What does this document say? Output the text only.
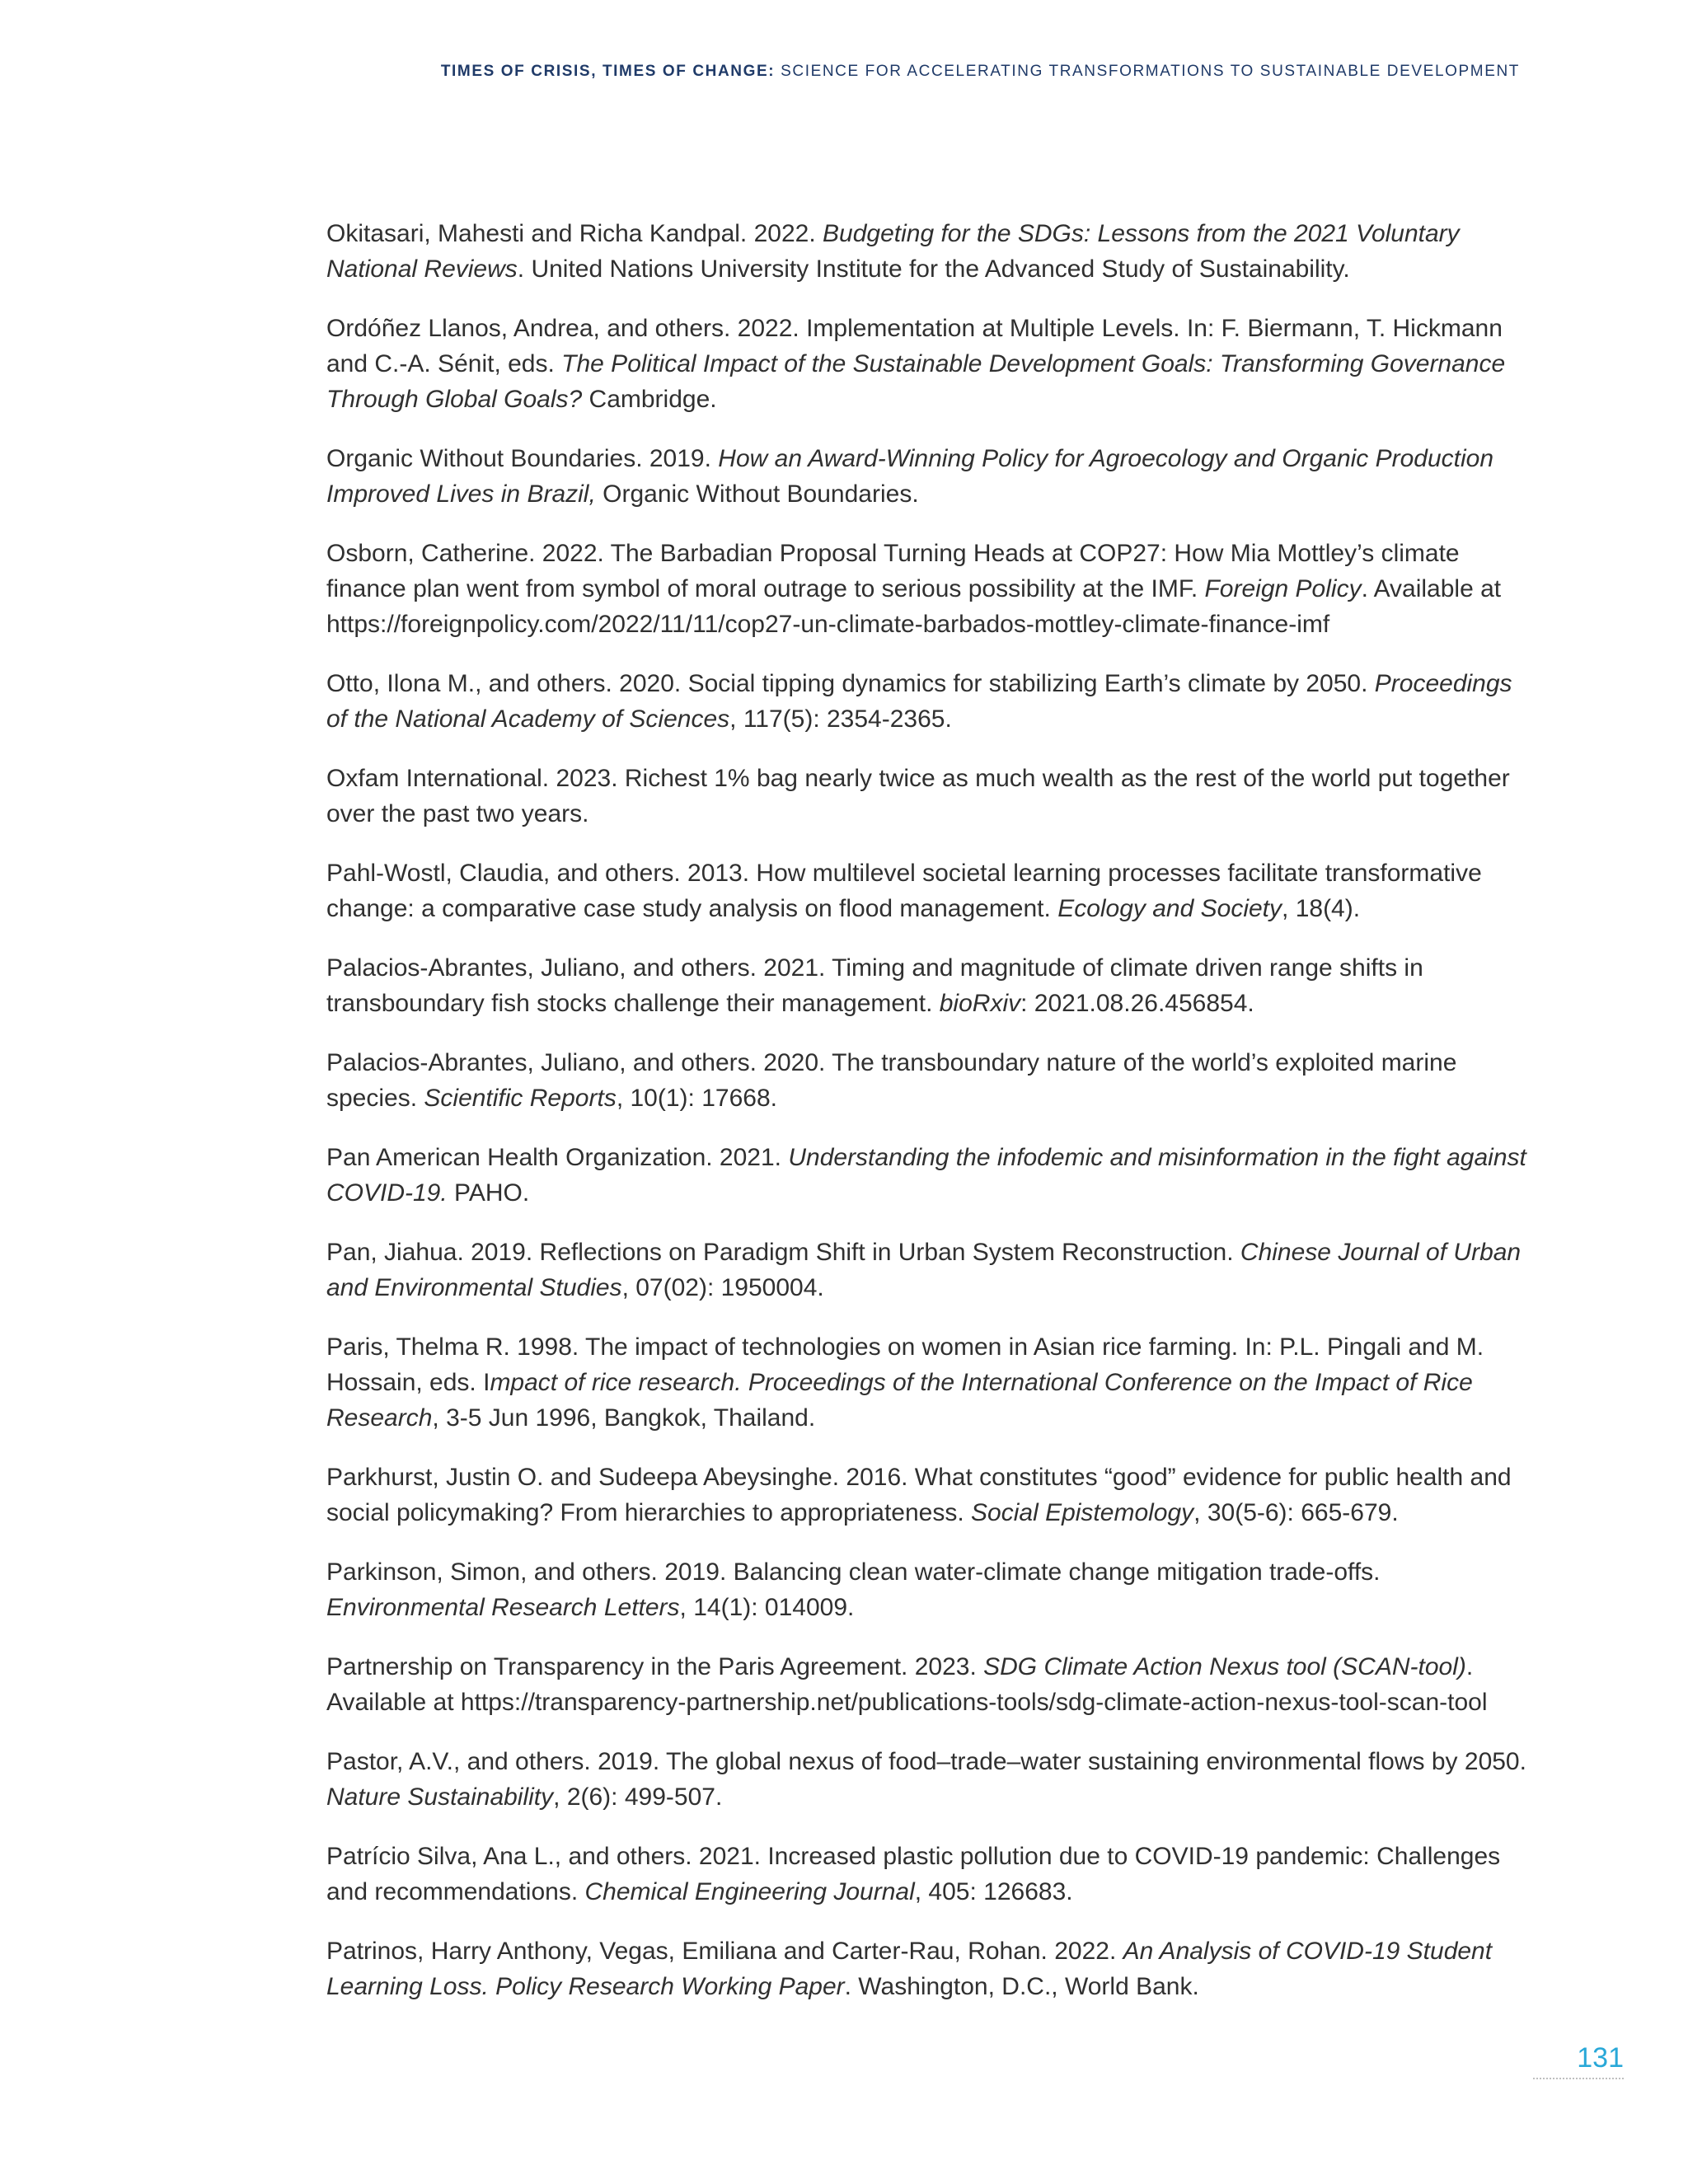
TIMES OF CRISIS, TIMES OF CHANGE: SCIENCE FOR ACCELERATING TRANSFORMATIONS TO SUSTAINABLE DEVELOPMENT
Okitasari, Mahesti and Richa Kandpal. 2022. Budgeting for the SDGs: Lessons from the 2021 Voluntary National Reviews. United Nations University Institute for the Advanced Study of Sustainability.
Ordóñez Llanos, Andrea, and others. 2022. Implementation at Multiple Levels. In: F. Biermann, T. Hickmann and C.-A. Sénit, eds. The Political Impact of the Sustainable Development Goals: Transforming Governance Through Global Goals? Cambridge.
Organic Without Boundaries. 2019. How an Award-Winning Policy for Agroecology and Organic Production Improved Lives in Brazil, Organic Without Boundaries.
Osborn, Catherine. 2022. The Barbadian Proposal Turning Heads at COP27: How Mia Mottley’s climate finance plan went from symbol of moral outrage to serious possibility at the IMF. Foreign Policy. Available at https://foreignpolicy.com/2022/11/11/cop27-un-climate-barbados-mottley-climate-finance-imf
Otto, Ilona M., and others. 2020. Social tipping dynamics for stabilizing Earth’s climate by 2050. Proceedings of the National Academy of Sciences, 117(5): 2354-2365.
Oxfam International. 2023. Richest 1% bag nearly twice as much wealth as the rest of the world put together over the past two years.
Pahl-Wostl, Claudia, and others. 2013. How multilevel societal learning processes facilitate transformative change: a comparative case study analysis on flood management. Ecology and Society, 18(4).
Palacios-Abrantes, Juliano, and others. 2021. Timing and magnitude of climate driven range shifts in transboundary fish stocks challenge their management. bioRxiv: 2021.08.26.456854.
Palacios-Abrantes, Juliano, and others. 2020. The transboundary nature of the world’s exploited marine species. Scientific Reports, 10(1): 17668.
Pan American Health Organization. 2021. Understanding the infodemic and misinformation in the fight against COVID-19. PAHO.
Pan, Jiahua. 2019. Reflections on Paradigm Shift in Urban System Reconstruction. Chinese Journal of Urban and Environmental Studies, 07(02): 1950004.
Paris, Thelma R. 1998. The impact of technologies on women in Asian rice farming. In: P.L. Pingali and M. Hossain, eds. Impact of rice research. Proceedings of the International Conference on the Impact of Rice Research, 3-5 Jun 1996, Bangkok, Thailand.
Parkhurst, Justin O. and Sudeepa Abeysinghe. 2016. What constitutes “good” evidence for public health and social policymaking? From hierarchies to appropriateness. Social Epistemology, 30(5-6): 665-679.
Parkinson, Simon, and others. 2019. Balancing clean water-climate change mitigation trade-offs. Environmental Research Letters, 14(1): 014009.
Partnership on Transparency in the Paris Agreement. 2023. SDG Climate Action Nexus tool (SCAN-tool). Available at https://transparency-partnership.net/publications-tools/sdg-climate-action-nexus-tool-scan-tool
Pastor, A.V., and others. 2019. The global nexus of food–trade–water sustaining environmental flows by 2050. Nature Sustainability, 2(6): 499-507.
Patrício Silva, Ana L., and others. 2021. Increased plastic pollution due to COVID-19 pandemic: Challenges and recommendations. Chemical Engineering Journal, 405: 126683.
Patrinos, Harry Anthony, Vegas, Emiliana and Carter-Rau, Rohan. 2022. An Analysis of COVID-19 Student Learning Loss. Policy Research Working Paper. Washington, D.C., World Bank.
131
